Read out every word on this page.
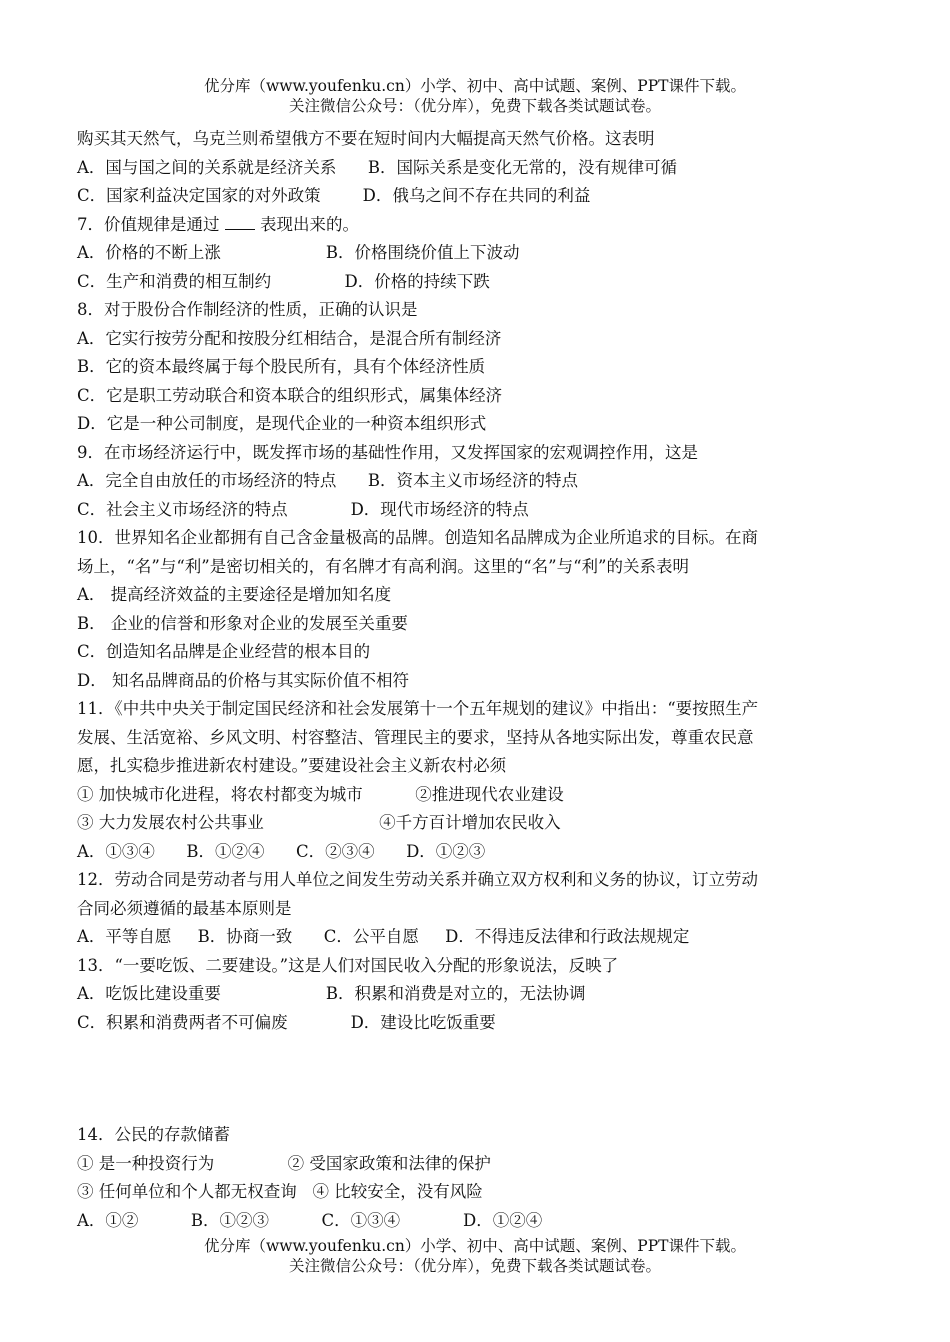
优分库（www.youfenku.cn）小学、初中、高中试题、案例、PPT课件下载。
关注微信公众号：（优分库），免费下载各类试题试卷。
购买其天然气，乌克兰则希望俄方不要在短时间内大幅提高天然气价格。这表明
A．国与国之间的关系就是经济关系      B．国际关系是变化无常的，没有规律可循
C．国家利益决定国家的对外政策        D．俄乌之间不存在共同的利益
7．价值规律是通过 表现出来的。
A．价格的不断上涨                    B．价格围绕价值上下波动
C．生产和消费的相互制约              D．价格的持续下跌
8．对于股份合作制经济的性质，正确的认识是
A．它实行按劳分配和按股分红相结合，是混合所有制经济
B．它的资本最终属于每个股民所有，具有个体经济性质
C．它是职工劳动联合和资本联合的组织形式，属集体经济
D．它是一种公司制度，是现代企业的一种资本组织形式
9．在市场经济运行中，既发挥市场的基础性作用，又发挥国家的宏观调控作用，这是
A．完全自由放任的市场经济的特点      B．资本主义市场经济的特点
C．社会主义市场经济的特点            D．现代市场经济的特点
10．世界知名企业都拥有自己含金量极高的品牌。创造知名品牌成为企业所追求的目标。在商
场上，“名”与“利”是密切相关的，有名牌才有高利润。这里的“名”与“利”的关系表明
A． 提高经济效益的主要途径是增加知名度
B． 企业的信誉和形象对企业的发展至关重要
C．创造知名品牌是企业经营的根本目的
D． 知名品牌商品的价格与其实际价值不相符
11．《中共中央关于制定国民经济和社会发展第十一个五年规划的建议》中指出：“要按照生产
发展、生活宽裕、乡风文明、村容整洁、管理民主的要求，坚持从各地实际出发，尊重农民意
愿，扎实稳步推进新农村建设。”要建设社会主义新农村必须
① 加快城市化进程，将农村都变为城市          ②推进现代农业建设
③ 大力发展农村公共事业                      ④千方百计增加农民收入
A．①③④      B．①②④      C．②③④      D．①②③
12．劳动合同是劳动者与用人单位之间发生劳动关系并确立双方权利和义务的协议，订立劳动
合同必须遵循的最基本原则是
A．平等自愿     B．协商一致      C．公平自愿     D．不得违反法律和行政法规规定
13．“一要吃饭、二要建设。”这是人们对国民收入分配的形象说法，反映了
A．吃饭比建设重要                    B．积累和消费是对立的，无法协调
C．积累和消费两者不可偏废            D．建设比吃饭重要
14．公民的存款储蓄
① 是一种投资行为              ② 受国家政策和法律的保护
③ 任何单位和个人都无权查询   ④ 比较安全，没有风险
A．①②          B．①②③          C．①③④            D．①②④
优分库（www.youfenku.cn）小学、初中、高中试题、案例、PPT课件下载。
关注微信公众号：（优分库），免费下载各类试题试卷。
